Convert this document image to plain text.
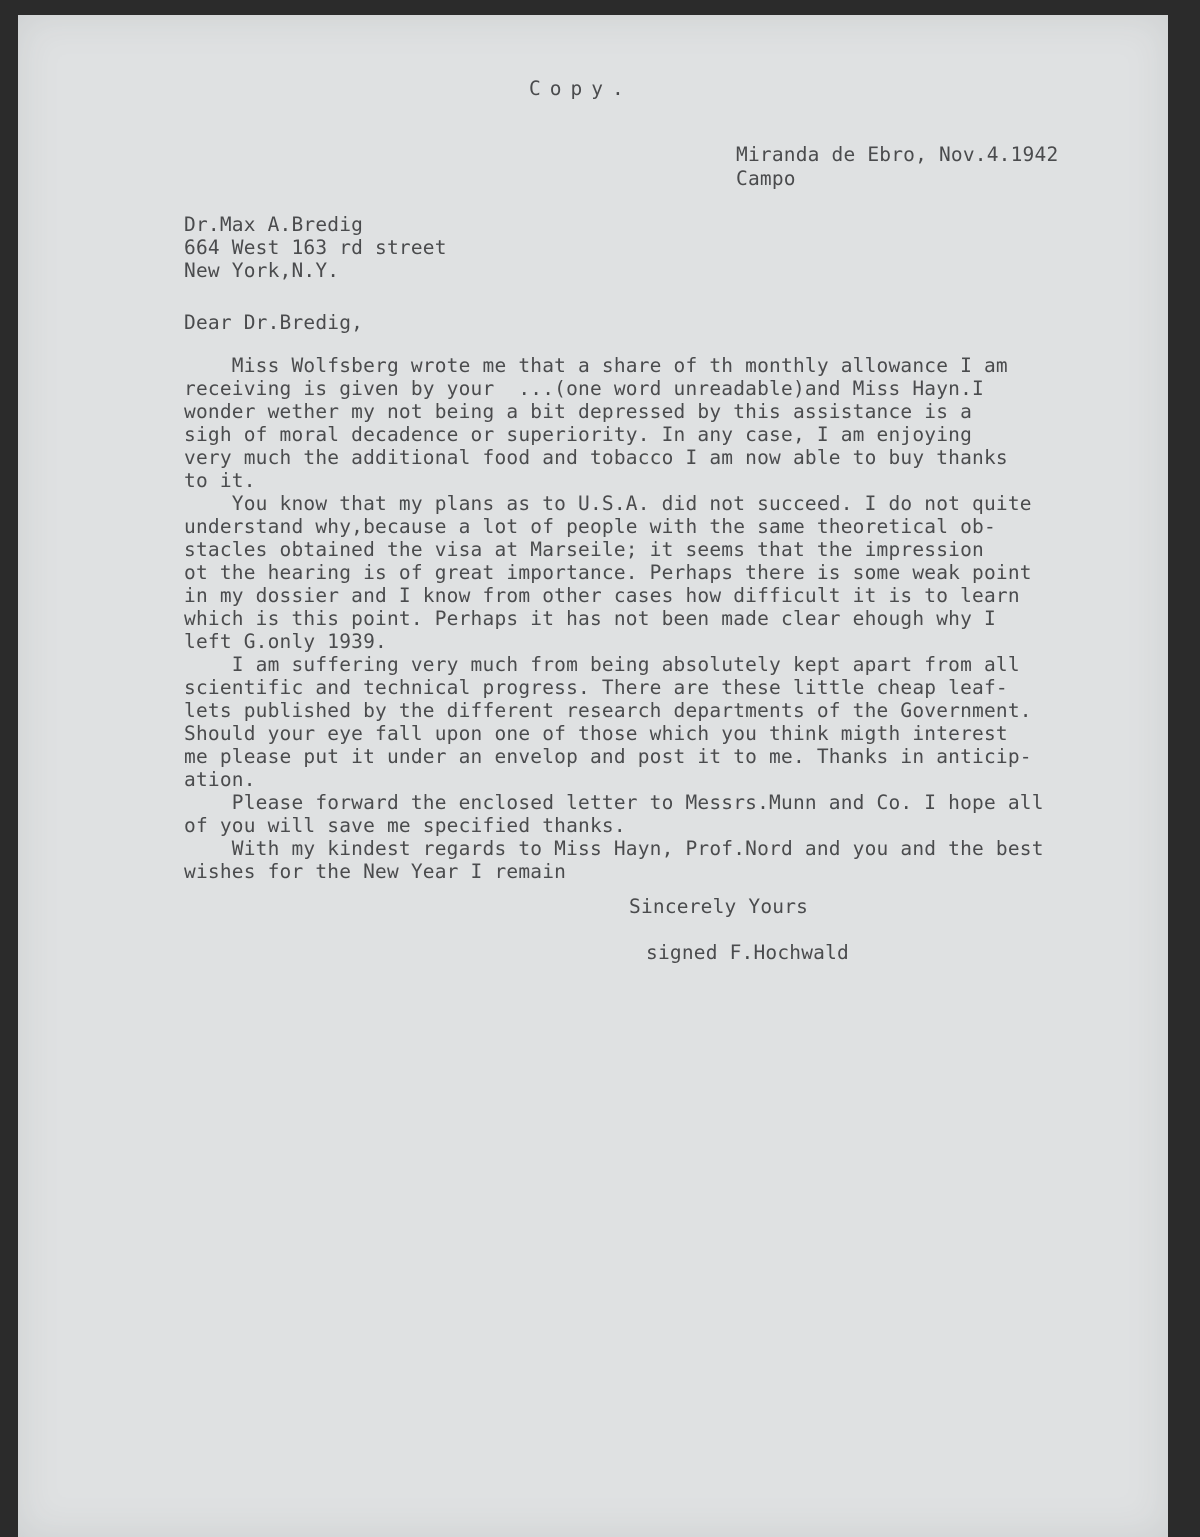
Copy.
Miranda de Ebro, Nov.4.1942
Campo
Dr.Max A.Bredig
664 West 163 rd street
New York,N.Y.
Dear Dr.Bredig,
Miss Wolfsberg wrote me that a share of th monthly allowance I am
receiving is given by your  ...(one word unreadable)and Miss Hayn.I
wonder wether my not being a bit depressed by this assistance is a
sigh of moral decadence or superiority. In any case, I am enjoying
very much the additional food and tobacco I am now able to buy thanks
to it.
You know that my plans as to U.S.A. did not succeed. I do not quite
understand why,because a lot of people with the same theoretical ob-
stacles obtained the visa at Marseile; it seems that the impression
ot the hearing is of great importance. Perhaps there is some weak point
in my dossier and I know from other cases how difficult it is to learn
which is this point. Perhaps it has not been made clear ehough why I
left G.only 1939.
I am suffering very much from being absolutely kept apart from all
scientific and technical progress. There are these little cheap leaf-
lets published by the different research departments of the Government.
Should your eye fall upon one of those which you think migth interest
me please put it under an envelop and post it to me. Thanks in anticip-
ation.
Please forward the enclosed letter to Messrs.Munn and Co. I hope all
of you will save me specified thanks.
With my kindest regards to Miss Hayn, Prof.Nord and you and the best
wishes for the New Year I remain
Sincerely Yours
signed F.Hochwald
